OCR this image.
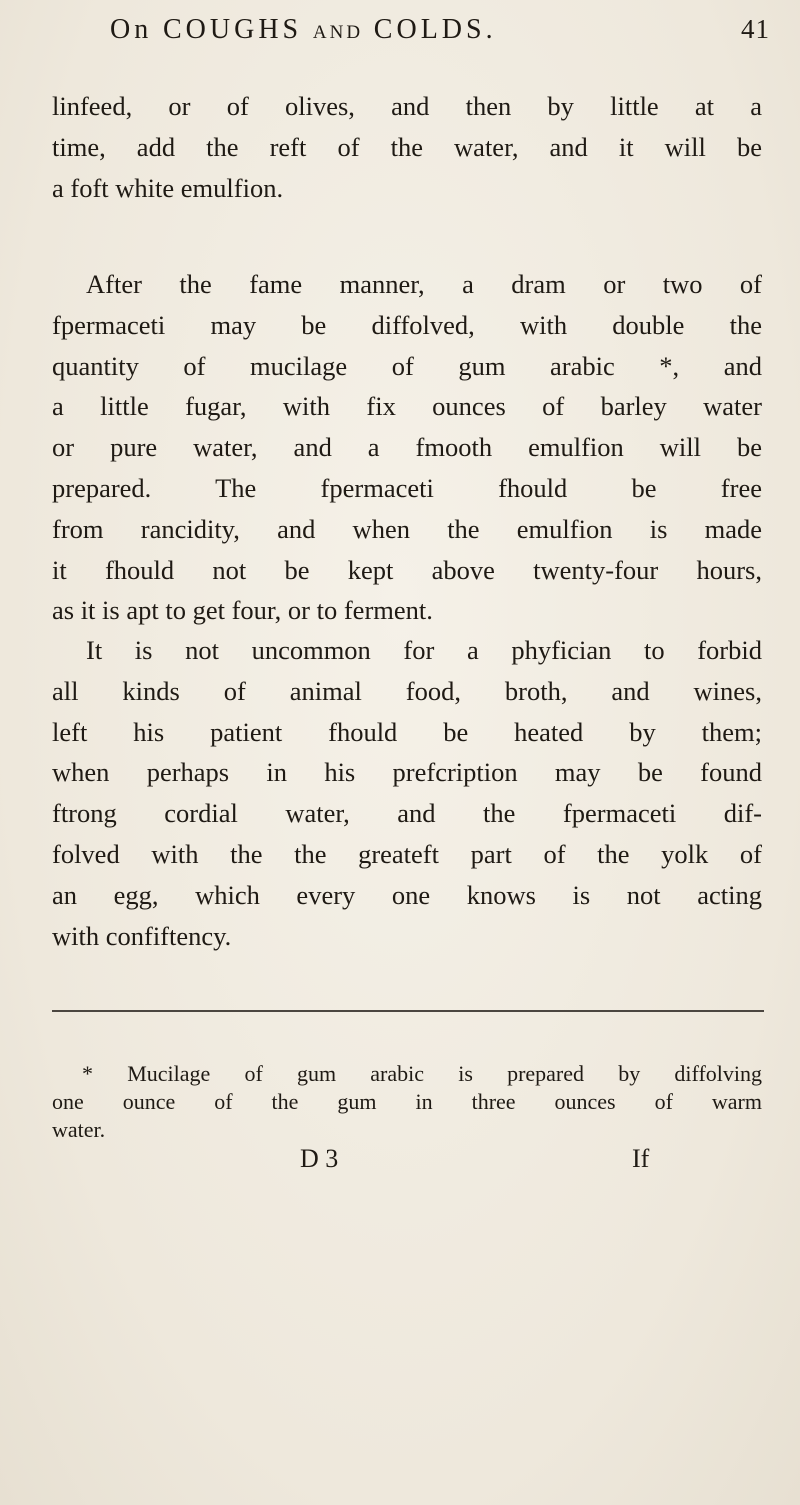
On COUGHS AND COLDS.	41
linfeed, or of olives, and then by little at a
time, add the reft of the water, and it will be
a foft white emulfion.
After the fame manner, a dram or two of
fpermaceti may be diffolved, with double the
quantity of mucilage of gum arabic *, and
a little fugar, with fix ounces of barley water
or pure water, and a fmooth emulfion will be
prepared. The fpermaceti fhould be free
from rancidity, and when the emulfion is made
it fhould not be kept above twenty-four hours,
as it is apt to get four, or to ferment.
It is not uncommon for a phyfician to forbid
all kinds of animal food, broth, and wines,
left his patient fhould be heated by them;
when perhaps in his prefcription may be found
ftrong cordial water, and the fpermaceti dif-
folved with the the greateft part of the yolk of
an egg, which every one knows is not acting
with confiftency.
* Mucilage of gum arabic is prepared by diffolving
one ounce of the gum in three ounces of warm
water.
D 3	If
